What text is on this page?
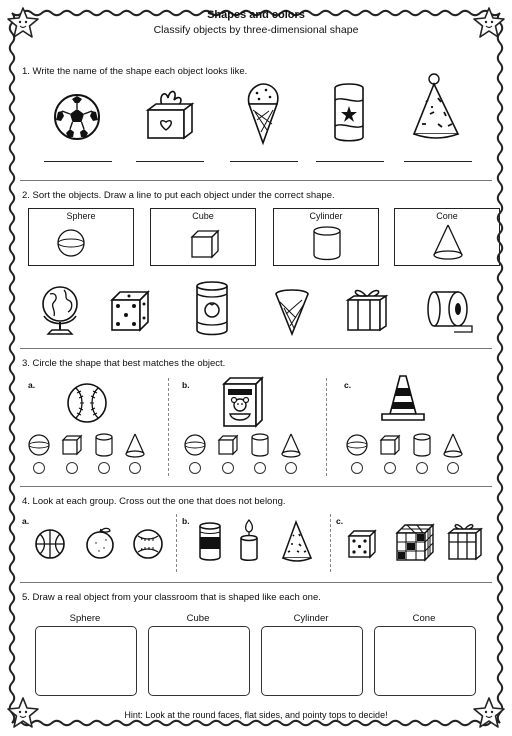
Shapes and colors
Classify objects by three-dimensional shape
1. Write the name of the shape each object looks like.
2. Sort the objects. Draw a line to put each object under the correct shape.
Sphere	Cube	Cylinder	Cone
3. Circle the shape that best matches the object.
a.	b.	c.
4. Look at each group. Cross out the one that does not belong.
a.	b.	c.
5. Draw a real object from your classroom that is shaped like each one.
Sphere	Cube	Cylinder	Cone
Hint: Look at the round faces, flat sides, and pointy tops to decide!
